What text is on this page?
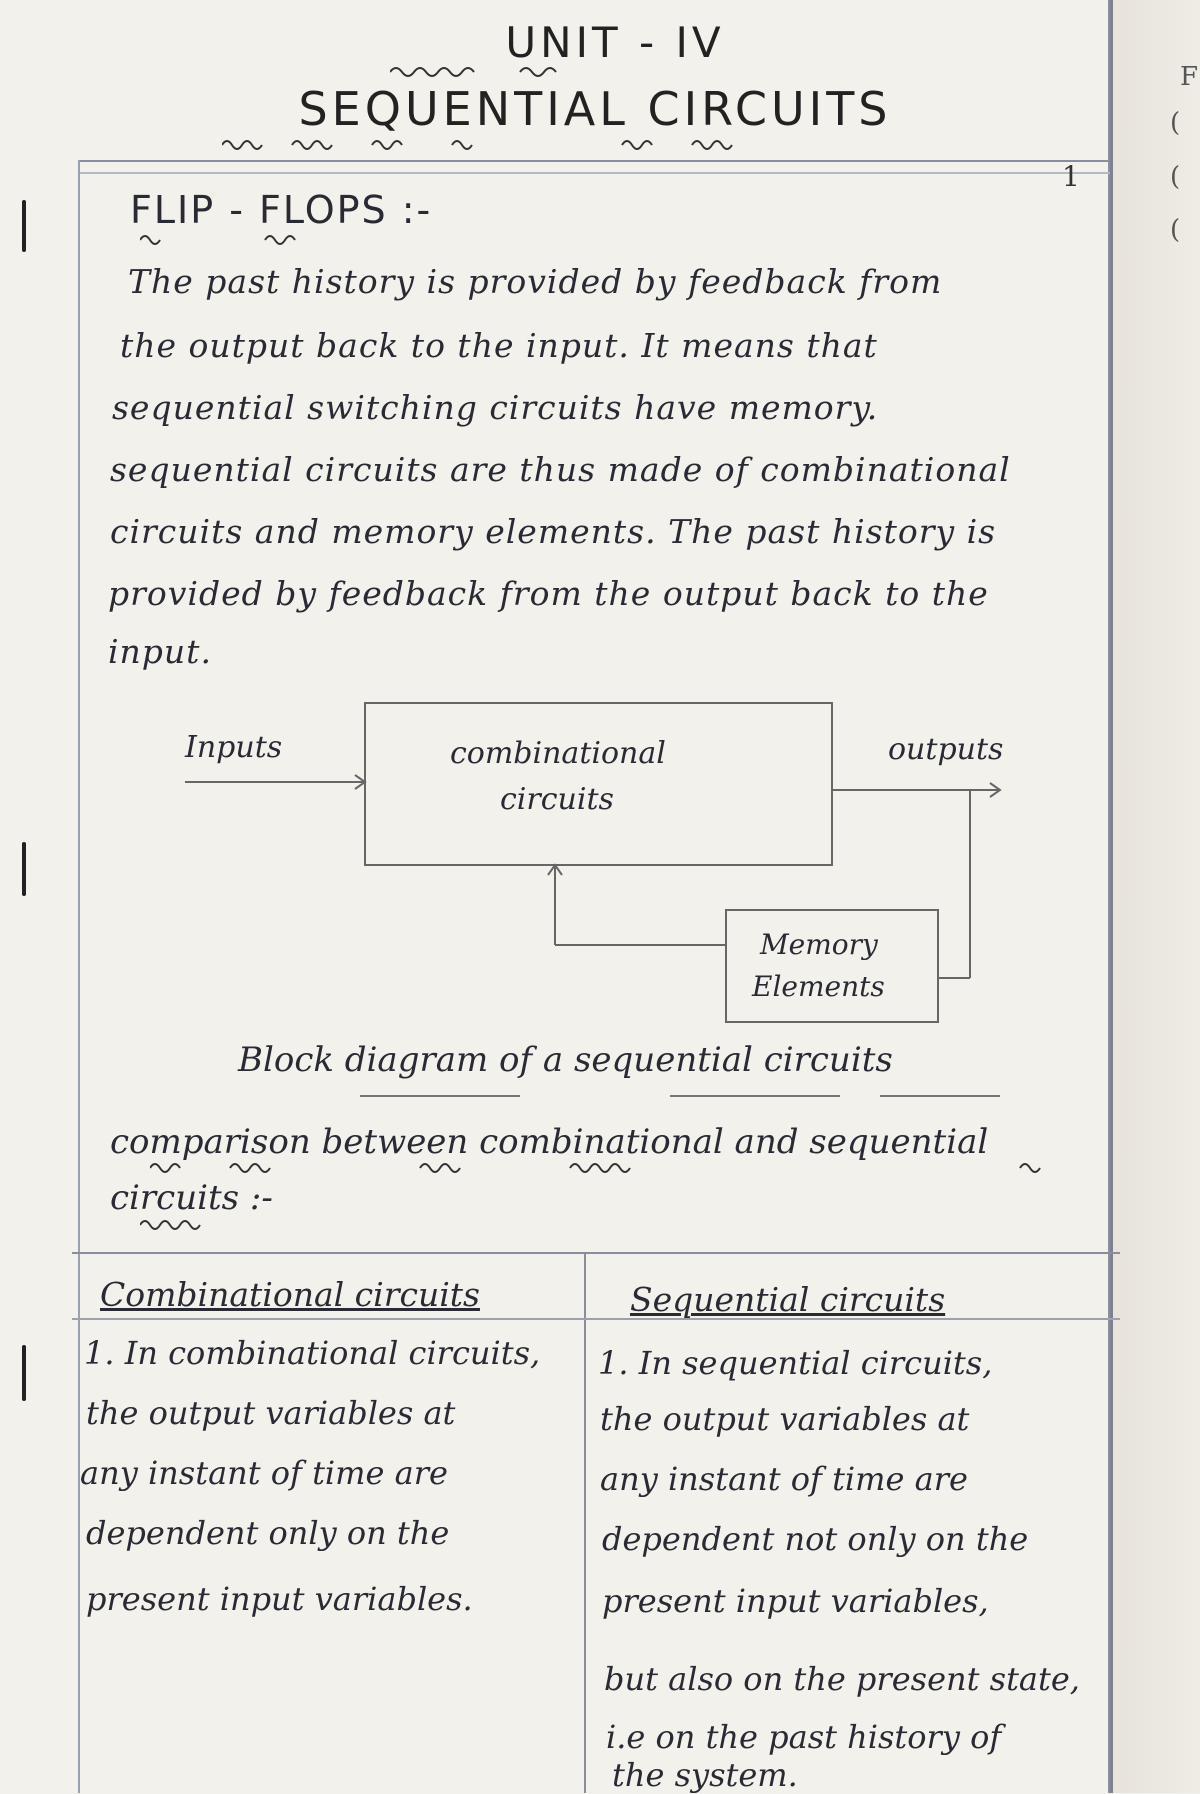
F
(
(
(
UNIT - IV
SEQUENTIAL CIRCUITS
1
FLIP - FLOPS :-
The past history is provided by feedback from
the output back to the input. It means that
sequential switching circuits have memory.
sequential circuits are thus made of combinational
circuits and memory elements. The past history is
provided by feedback from the output back to the
input.
Inputs	outputs
combinational
circuits
Memory
Elements
Block diagram of a sequential circuits
comparison between combinational and sequential
circuits :-
Combinational circuits	Sequential circuits
1. In combinational circuits,
the output variables at
any instant of time are
dependent only on the
present input variables.
1. In sequential circuits,
the output variables at
any instant of time are
dependent not only on the
present input variables,
but also on the present state,
i.e on the past history of
the system.
